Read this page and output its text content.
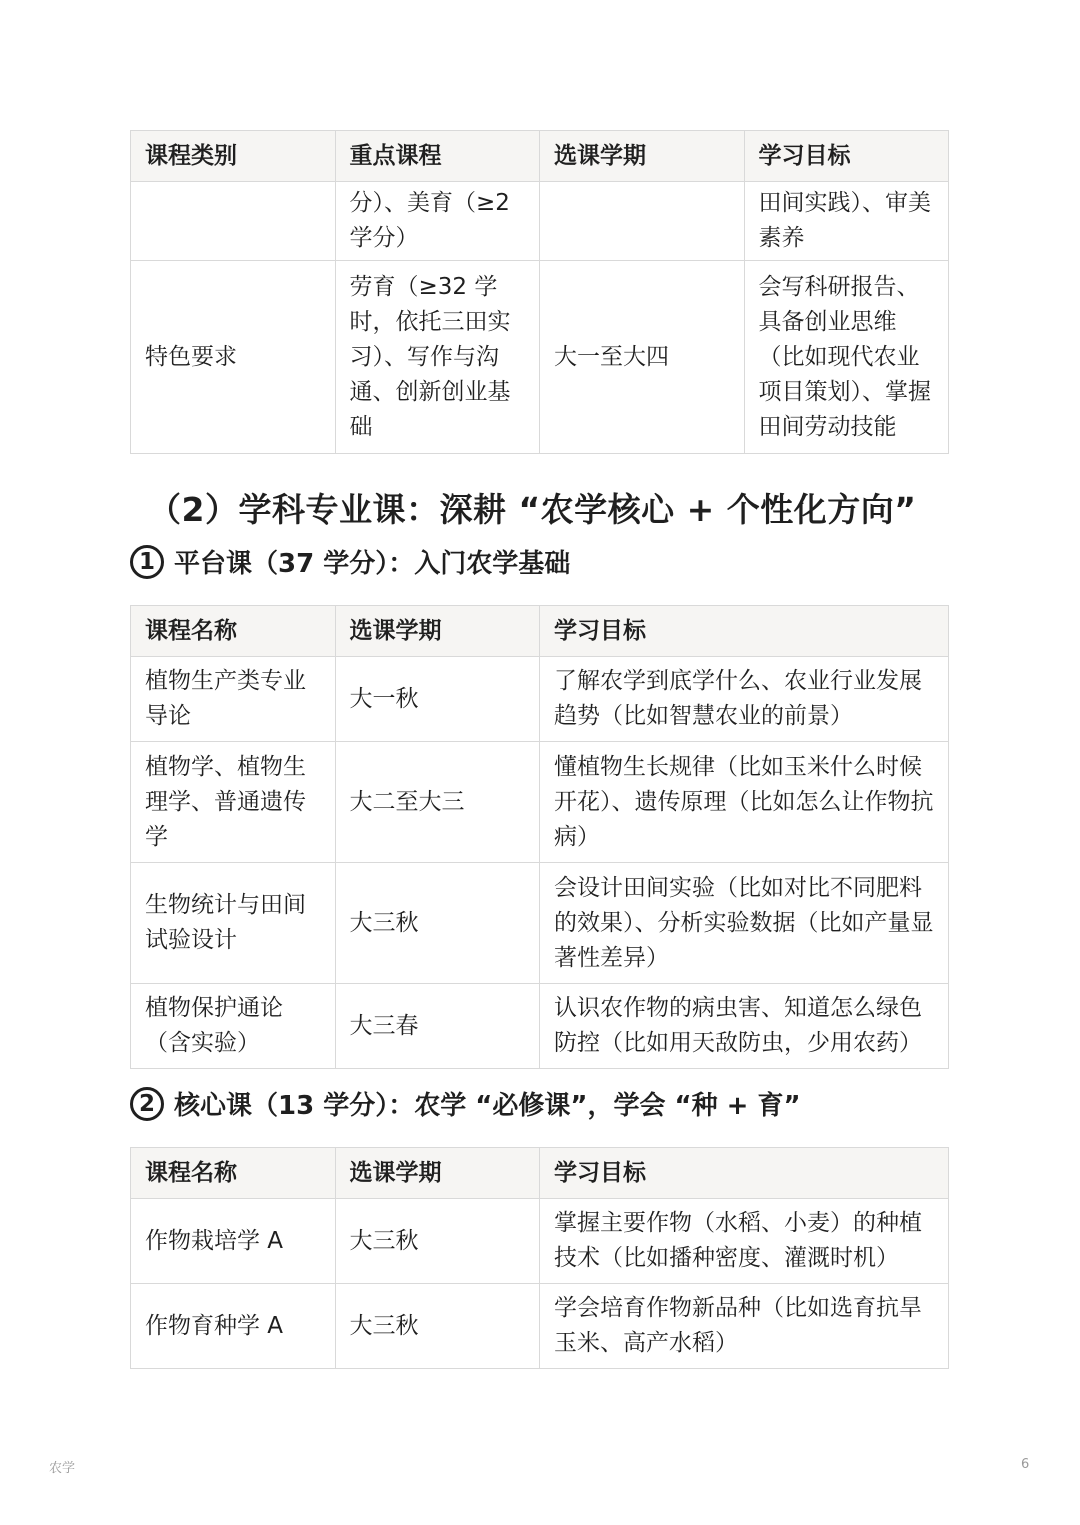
课程类别	重点课程	选课学期	学习目标
	分）、美育（≥2 学分）		田间实践）、审美素养
特色要求	劳育（≥32 学时，依托三田实习）、写作与沟通、创新创业基础	大一至大四	会写科研报告、具备创业思维（比如现代农业项目策划）、掌握田间劳动技能
（2）学科专业课：深耕 “农学核心 + 个性化方向”
1 平台课（37 学分）：入门农学基础
课程名称	选课学期	学习目标
植物生产类专业导论	大一秋	了解农学到底学什么、农业行业发展趋势（比如智慧农业的前景）
植物学、植物生理学、普通遗传学	大二至大三	懂植物生长规律（比如玉米什么时候开花）、遗传原理（比如怎么让作物抗病）
生物统计与田间试验设计	大三秋	会设计田间实验（比如对比不同肥料的效果）、分析实验数据（比如产量显著性差异）
植物保护通论（含实验）	大三春	认识农作物的病虫害、知道怎么绿色防控（比如用天敌防虫，少用农药）
2 核心课（13 学分）：农学 “必修课”，学会 “种 + 育”
课程名称	选课学期	学习目标
作物栽培学 A	大三秋	掌握主要作物（水稻、小麦）的种植技术（比如播种密度、灌溉时机）
作物育种学 A	大三秋	学会培育作物新品种（比如选育抗旱玉米、高产水稻）
农学	6
